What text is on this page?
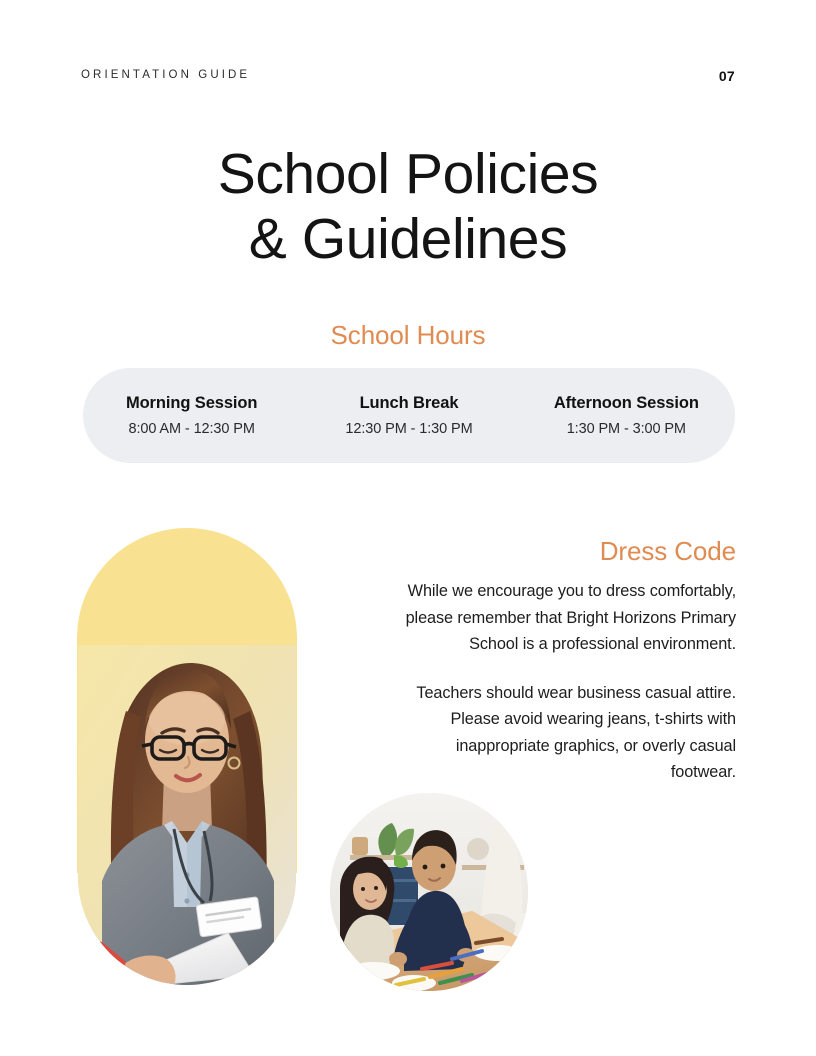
ORIENTATION GUIDE	07
School Policies
& Guidelines
School Hours
Morning Session
8:00 AM - 12:30 PM
Lunch Break
12:30 PM - 1:30 PM
Afternoon Session
1:30 PM - 3:00 PM
Dress Code

While we encourage you to dress comfortably, please remember that Bright Horizons Primary School is a professional environment.

Teachers should wear business casual attire. Please avoid wearing jeans, t-shirts with inappropriate graphics, or overly casual footwear.
